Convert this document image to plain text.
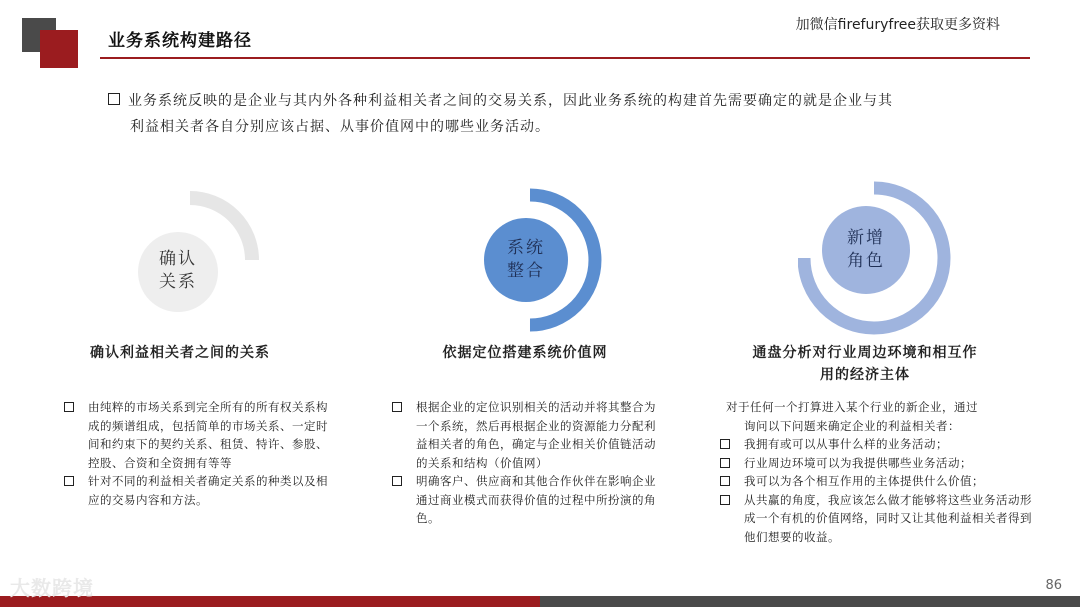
业务系统构建路径
加微信firefuryfree获取更多资料
业务系统反映的是企业与其内外各种利益相关者之间的交易关系，因此业务系统的构建首先需要确定的就是企业与其
利益相关者各自分别应该占据、从事价值网中的哪些业务活动。
确认
关系
系统
整合
新增
角色
确认利益相关者之间的关系	依据定位搭建系统价值网	通盘分析对行业周边环境和相互作
用的经济主体
由纯粹的市场关系到完全所有的所有权关系构成的频谱组成，包括简单的市场关系、一定时间和约束下的契约关系、租赁、特许、参股、控股、合资和全资拥有等等
针对不同的利益相关者确定关系的种类以及相应的交易内容和方法。
根据企业的定位识别相关的活动并将其整合为一个系统，然后再根据企业的资源能力分配利益相关者的角色，确定与企业相关价值链活动的关系和结构（价值网）
明确客户、供应商和其他合作伙伴在影响企业通过商业模式而获得价值的过程中所扮演的角色。
对于任何一个打算进入某个行业的新企业，通过
询问以下问题来确定企业的利益相关者：
我拥有或可以从事什么样的业务活动；
行业周边环境可以为我提供哪些业务活动；
我可以为各个相互作用的主体提供什么价值；
从共赢的角度，我应该怎么做才能够将这些业务活动形成一个有机的价值网络，同时又让其他利益相关者得到他们想要的收益。
大数跨境	86
